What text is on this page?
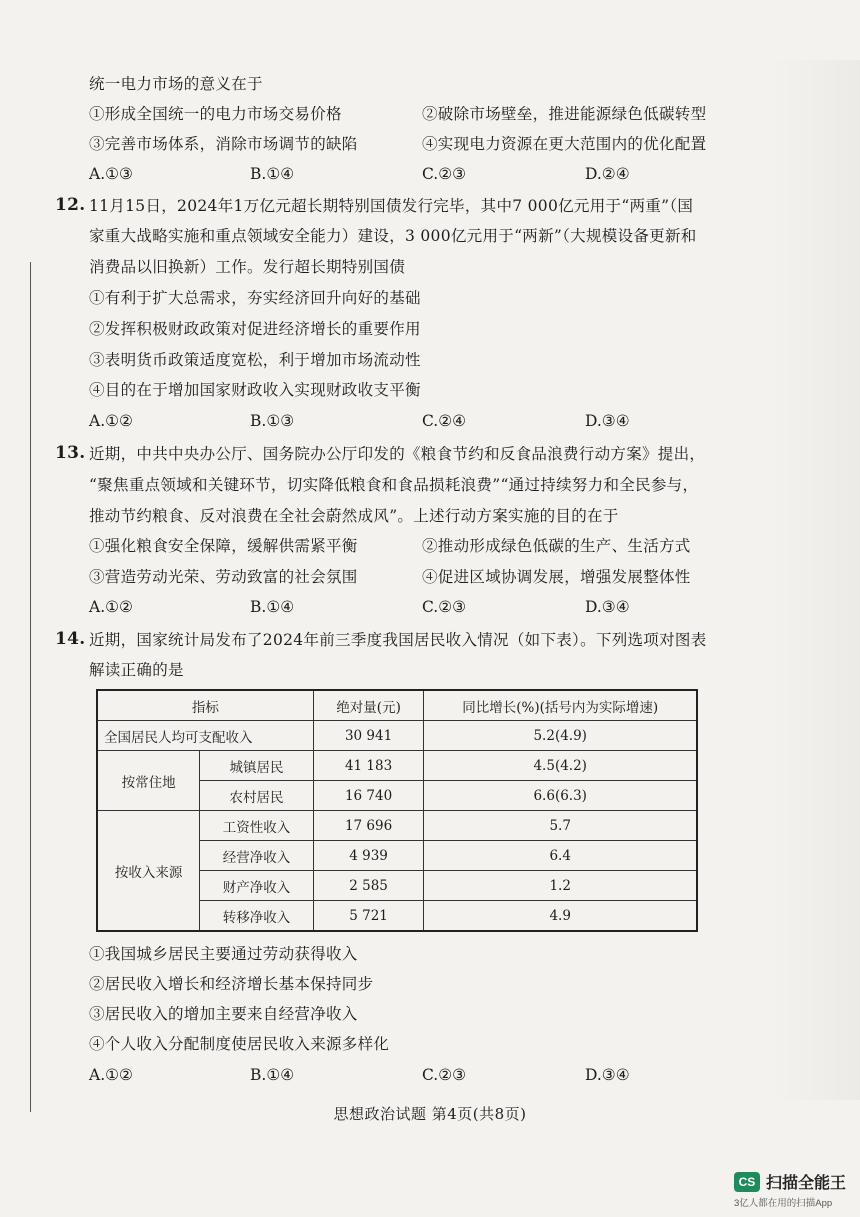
统一电力市场的意义在于
①形成全国统一的电力市场交易价格	②破除市场壁垒，推进能源绿色低碳转型
③完善市场体系，消除市场调节的缺陷	④实现电力资源在更大范围内的优化配置
A.①③	B.①④	C.②③	D.②④
12. 11月15日，2024年1万亿元超长期特别国债发行完毕，其中7 000亿元用于“两重”（国
家重大战略实施和重点领域安全能力）建设，3 000亿元用于“两新”（大规模设备更新和
消费品以旧换新）工作。发行超长期特别国债
①有利于扩大总需求，夯实经济回升向好的基础
②发挥积极财政政策对促进经济增长的重要作用
③表明货币政策适度宽松，利于增加市场流动性
④目的在于增加国家财政收入实现财政收支平衡
A.①②	B.①③	C.②④	D.③④
13. 近期，中共中央办公厅、国务院办公厅印发的《粮食节约和反食品浪费行动方案》提出，
“聚焦重点领域和关键环节，切实降低粮食和食品损耗浪费”“通过持续努力和全民参与，
推动节约粮食、反对浪费在全社会蔚然成风”。上述行动方案实施的目的在于
①强化粮食安全保障，缓解供需紧平衡	②推动形成绿色低碳的生产、生活方式
③营造劳动光荣、劳动致富的社会氛围	④促进区域协调发展，增强发展整体性
A.①②	B.①④	C.②③	D.③④
14. 近期，国家统计局发布了2024年前三季度我国居民收入情况（如下表）。下列选项对图表
解读正确的是
指标		绝对量(元)	同比增长(%)(括号内为实际增速)
全国居民人均可支配收入		30 941	5.2(4.9)
按常住地	城镇居民	41 183	4.5(4.2)
	农村居民	16 740	6.6(6.3)
按收入来源	工资性收入	17 696	5.7
	经营净收入	4 939	6.4
	财产净收入	2 585	1.2
	转移净收入	5 721	4.9
①我国城乡居民主要通过劳动获得收入
②居民收入增长和经济增长基本保持同步
③居民收入的增加主要来自经营净收入
④个人收入分配制度使居民收入来源多样化
A.①②	B.①④	C.②③	D.③④
思想政治试题 第4页(共8页)
CS 扫描全能王
3亿人都在用的扫描App
